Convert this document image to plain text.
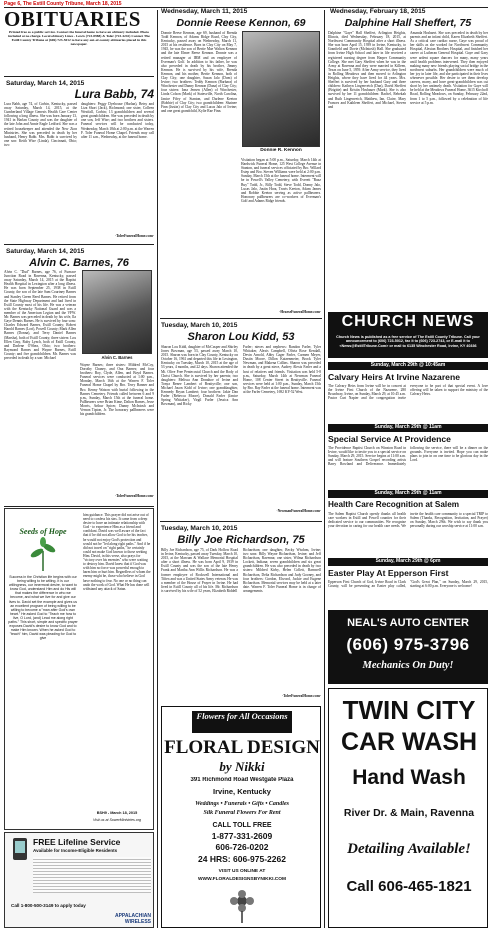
Page 6, The Estill County Tribune, March 18, 2015
OBITUARIES
Printed free as a public service. Contact the funeral home to have an obituary included. Photo included at no charge. Local obituary Lines - Lewis (723-8988) & Toler (723-4242) Contact The Estill County Tribune at (606) 723-5012 to have any out-of-county obituaries placed in this newspaper.
Saturday, March 14, 2015
Lura Babb, 74
Lura Babb, age 74, of Corbin, Kentucky, passed away Saturday, March 14, 2015, at the Cumberland Village Genesis Health Care Center following a long illness. She was born January 13, 1941 in Harlan County and was the daughter of the late John and Annie Engle Ledford. She was a retired housekeeper and attended the New Zion Ministries. She was preceded in death by her husband, Henry Babb. Mrs. Babb is survived by one son: Keith Wise (Linda), Cincinnati, Ohio; two
daughters: Peggy Dyehouse (Harlan), Betsy and Liza Short (Jack), Richmond; one sister, Colleen Westfall, Corbin; 13 grandchildren and several great grandchildren. She was preceded in death by one son, Jeff Wise; and two brothers and sisters. Funeral services will be conducted today, Wednesday, March 18th at 2:00 p.m. at the Warren F. Toler Funeral Home Chapel. Friends may call after 11 a.m., Wednesday, at the funeral home.
-TolerFuneralHome.com-
Saturday, March 14, 2015
Alvin C. Barnes, 76
Alvin C. "Dud" Barnes, age 76, of Furnace Junction Road in Ravenna, Kentucky, passed away Saturday, March 14, 2015 at the Baptist Health Hospital in Lexington after a long illness. He was born September 25, 1938 in Estill County, the son of the late Sam Courtney Barnes and Stanley Green Reed Barnes. He retired from the State Highway Department and had lived in Estill County most of his life. He was a veteran with the Kentucky National Guard and was a member of the American Legion and the VFW. Mr. Barnes was preceded in death by his wife, Ila Gaye Dennis Barnes. He is survived by four sons: Charles Edward Barnes, Estill County; Robert Harold Barnes (Lori), Powell County; Mark Allen Barnes (Donna), and Terry Daniel Barnes (Marsha), both of Estill County; three sisters: Lou Ellen Gray, Ruby Lynch, both of Estill County, and Darlene O'Shea, Ohio; two brothers: Raymond Barnes and Wayne Barnes, Estill County; and five grandchildren. Mr. Barnes was preceded in death by a son: Michael	Alvin C. Barnes
Wayne Barnes; three sisters: Mildred McCoy, Dorothy Chaney, and Ona Barnes; and four brothers: Roy, Clyde, Allen, and Boyd Barnes. Funeral services were conducted at 1:00 p.m., Monday, March 16th at the Warren F. Toler Funeral Home Chapel by Bro. Terry Banner and Bro. Kenny Watson with burial following in the Barnes Cemetery. Friends called between 6 and 9 p.m., Sunday, March 15th at the funeral home. Pallbearers were Brian Kime, Dalton Barnes, Jesse Morris, Arthur Spicer, Danny McIntosh and Vernon Tipton, Jr. The honorary pallbearers were his grandchildren.
-TolerFuneralHome.com-
Seeds of Hope
Success in the Christian life begins with our being willing to be willing. It is our willingness, our innermost desire, to want to know God, understand Him and do His will that makes the difference in who we become, and what we live for and give our lives to. David set the example and gives us an excellent program of being willing to be willing to become a "man after God's own heart." He asked God to "Teach me how to live, O Lord, (and) Lead me along right paths." This short, simple and specific prayer exposes David's desire to know God and to make Him known. When he asked God to "teach" him, David was pleading for God to give
him guidance. This prayer did not arise out of need to confess his sins. It came from a deep desire to have an intimate relationship with God - to experience Him as a friend and confidant. David was well aware of the fact that if he did not allow God to be his teacher, he would not enjoy God's protection and would not be "led along right paths." And if he did not travel on "right paths," he certainly could not make God known to those seeking Him. David, in this verse, also prays for "victory over his enemies" who were waiting to destroy him. David knew that if God was with him no force was powerful enough to harm him or hurt him. Regardless of whom the enemy might be, those who believe in God have nothing to fear. No one or no thing can undo the work of God. What He has done will withstand any attack of Satan.
BSH9 - March 18, 2015
Visit us at SowerMinistries.org
FREE Lifeline Service
Available for Income-Eligible Residents
Call 1-800-500-3149 to apply today
APPALACHIAN WIRELESS
Wednesday, March 11, 2015
Donnie Reese Kennon, 69
Donnie Reese Kennon, age 69, husband of Brenda Todd Kennon, of Adams Ridge Road, Clay City, Kentucky, passed away on Wednesday, March 11, 2015 at his residence. Born in Clay City on May 7, 1945, he was the son of Bertie Mae Walton Kennon and the late Elmer Reese Kennon. Donnie was a retired manager at IBM and an employee of Everman's Golf. In addition to his father, he was also preceded in death by his brother, Jimmy Kennon. He is survived by his wife, Brenda Kennon, and his mother, Bertie Kennon, both of Clay City; one daughter, Susan Jalo (Dom) of Irvine; two brothers: Teddy Kennon (Barbara) of Winchester and Danny Kennon (Dana) of Clay City; four sisters: Iona Jensen (Allen) of Winchester, Linda Colson (Mark) of Statesville, North Carolina, Janice Fifey of Stanton, and Darlene Keeton (Robbie) of Clay City; two grandchildren: Shainee Finn (Justin) of Clay City and Lucas Jalo of Irvine; and one great grandchild, Kylie Rae Finn.
Donnie R. Kennon
Visitation began at 5:00 p.m., Saturday, March 14th at Hardwick Funeral Home, 125 West College Avenue in Stanton, and funeral services officiated by Bro. Willard Estep and Bro. Steven Williams were held at 2:00 p.m. Sunday, March 15th at the funeral home. Interment will be in Powell's Valley Cemetery, with Everett "Buzz Buy" Todd, Jr., Billy Todd, Steve Todd, Donny Jalo, Lucas Jalo, Justin Hora, Travis Keeton, Adam James and Robbie Keeton serving as active pallbearers. Honorary pallbearers are co-workers of Everman's Golf and Adams Ridge friends.
-HearseFuneralHome.com-
Tuesday, March 10, 2015
Sharon Lou Kidd, 53
Sharon Lou Kidd, daughter of McCasper and Shirley Jones Bowman, age 53, passed away March 10, 2015. Sharon was born in Clay County, Kentucky on October 16, 1961 and departed this life in Lexington, Kentucky on Tuesday, March 10, 2015 at the age of 53 years, 4 months, and 22 days. Sharon attended the Mt. Olive Free Pentecostal Church and the Body of Christ Church. She is survived by her parents; two daughters: Melissa Ann Donahoe of Irvine and Tonya Renee Lambert of Beattyville; one son, Michael Jason Kidd of Irvine; one granddaughter, Kennedy Bryan Lambert; four brothers: Jakie Dan Farler (Rebecca Moore), Donald Farler (Janice Spring Whitaker), Virgil Farler (Jessica Ann Bowman), and Ricky
Farler; nieces and nephews: Randon Farler, Tyler Whitaker, Alexis Campbell, Olivia Rose Kendall, Devin Arnold, Abby Cager Farler, Carmen Meyer, Dustin Moore, Dillon Katzenmeier, Brock Tyler Newman, and Makena Collins. Sharon was preceded in death by a great niece, Audrey Alexis Farler and a host of relatives and friends. Visitation was held 5-8 p.m., Saturday, March 14th at Newman Funeral Home, 108 Center Street in Beattyville. Funeral services were held at 1:00 p.m., Sunday, March 15th by Bro. Ray Farler at the funeral home. Interment was at the Farler Cemetery, 1692 KY-52 West.
-NewmanFuneralHome.com-
Tuesday, March 10, 2015
Billy Joe Richardson, 75
Billy Joe Richardson, age 75, of Dark Hollow Road in Irvine, Kentucky, passed away Tuesday, March 10, 2015, at the Marcum & Wallace Memorial Hospital after a short illness. He was born April 9, 1939 in Estill County and was the son of the late Henry Frank and Martha Ann Willis Richardson. He was a former employee of Rockwell International and Tiftex and was a United States Army veteran. He was a member of the House of Prayer in Irvine. He had lived in Estill County all of his life. Mr. Richardson is survived by his wife of 52 years, Elizabeth Riddell
Richardson; one daughter, Becky Wisdom, Irvine; two sons: Billy Wayne Richardson, Irvine; and Jeff Richardson, Ravenna; one sister, Wilma Richardson Lockett, Indiana; seven grandchildren and six great grandchildren. He was also preceded in death by two sisters: Mildred Kirby, Helen Collett, Barnwell Richardson, Delta Richardson and Judy Gooney, and four brothers: Gordon, Elwood, Jackie and Eugene Richardson. Memorial services may be held at a later date. Warren F. Toler Funeral Home is in charge of arrangements.
-TolerFuneralHome.com-
Flowers for All Occasions
FLORAL DESIGN
by Nikki
391 Richmond Road Westgate Plaza
Irvine, Kentucky
Weddings • Funerals • Gifts • Candles
Silk Funeral Flowers For Rent
CALL TOLL FREE
1-877-331-2609
606-726-0202
24 HRS: 606-975-2262
VISIT US ONLINE AT
WWW.FLORALDESIGNSBYNIKKI.COM
Wednesday, February 18, 2015
Dalphine Hall Sheffert, 75
Dalphine "Gaye" Hall Sheffert, Arlington Heights, Illinois, died Wednesday, February 18, 2015, at Northwest Community Hospital after a short illness. She was born April 15, 1939 in Irvine, Kentucky, to Granfield and Dovie (McIntosh) Hall. She graduated from Irvine High School and later in life received a registered nursing degree from Harper Community College. She met Gary Sheffert when he was in the Army at Ravenna and they were married in Killeen, Texas on June 5, 1959. After Army service, they lived in Rolling Meadows and then moved to Arlington Heights, where they have lived for 44 years. Mrs. Sheffert is survived by her husband Gary and three children: Kathryn Lingenvetch (Dan), David Sheffert (Brigitte) and Kristin Hoshauer (Mark). She is also survived by her 11 grandchildren: Rachel, Rebekah and Ruth Lingenvetch, Matthew, Ian, Claire, Mary Frances and Kathleen Sheffert, and Michael, Steven and
Amanda Hoshaert. She was preceded in death by her parents and an infant child, Karen Elizabeth Sheffert. As a critical care cardiac nurse, Gaye was proud of her skills as she worked for Northwest Community Hospital, Alexian Brothers Hospital, and finished her career at Lutheran General Hospital. Gaye and Gary were ardent square dancers for many, many years until health problems intervened. They then enjoyed making many new friends playing social bridge in the northwest suburbs. Her grandchildren were much of her joy in later life, and she participated in their lives whenever possible. Her desire to see them develop careers, marry, and have great-grandchildren was cut short by her untimely death. Visitation for Gaye will be held at the Meadows Funeral Home, 3615 Kirchoff Road, Rolling Meadows, on Sunday, February 22nd, from 1 to 5 p.m., followed by a celebration of life service at 5 p.m.
CHURCH NEWS
Church News is published as a free service of The Estill County Tribune. Call your announcement to (606) 723-5012, fax it to (606) 723-2743, or E-mail it to <News@EstillTribune.Com> or mail to 6135 Winchester Road, Irvine, KY 40336
Sunday, March 29th @ 10:45am
Calvary Heirs At Irvine Nazarene
The Calvary Heirs from Irvine will be in concert at the Irvine First Church of the Nazarene, 280 Broadway, Irvine, on Sunday, March 29, at 10:45 a.m. Pastor Curt Napier and the congregation invite everyone to be part of that special event. A love offering will be taken to support the ministry of the Calvary Heirs.
Sunday, March 29th @ 11am
Special Service At Providence
The Providence Baptist Church on Winston Road in Irvine, would like to invite you to a special service on Sunday, March 29, 2015. Service begins at 11:00 a.m. and will feature Southern Gospel recording artists Barry Rowland and Deliverance. Immediately following the service, there will be a dinner on the grounds. Everyone is invited. Hope you can make plans to join in on one time to be glorious day in the Lord.
Sunday, March 29th @ 11am
Health Care Recognition at Salem
The Salem Baptist Church openly thanks all health care workers in Estill and Powell counties for their dedicated service to our communities. We recognize your devotion in caring for our health care needs. We invite the health care community to a special TRIP to Salem (Thanks, Recognition, Invitation, and Prayer) on Sunday, March 29th. We wish to say thank you personally during our worship service at 11:00 a.m.
Sunday, March 29th @ 6pm
Easter Play At Epperson First
Epperson First Church of God, Irvine Road in Clark County, will be presenting an Easter play called, "God's Great Plan," on Sunday, March 29, 2015, starting at 6:00 p.m. Everyone is welcome!
NEAL'S AUTO CENTER
(606) 975-3796
Mechanics On Duty!
TWIN CITY
CAR WASH
Hand Wash
River Dr. & Main, Ravenna
Detailing Available!
Call 606-465-1821
